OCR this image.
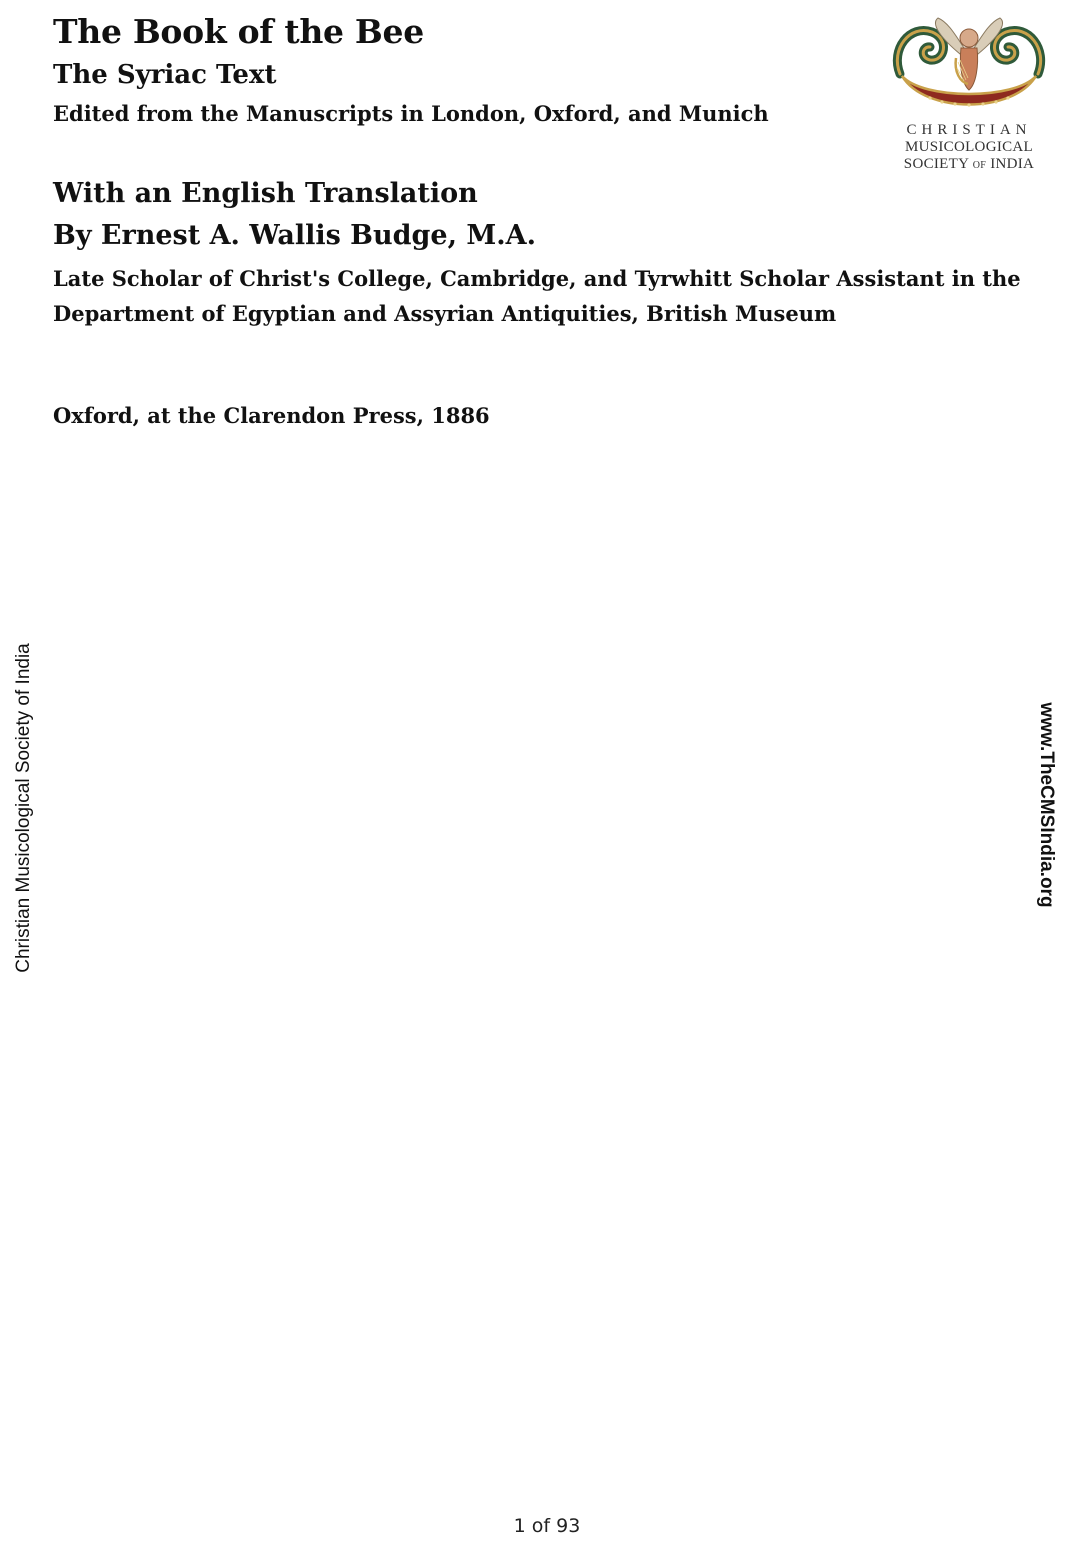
The Book of the Bee
The Syriac Text
Edited from the Manuscripts in London, Oxford, and Munich
With an English Translation
By Ernest A. Wallis Budge, M.A.
Late Scholar of Christ's College, Cambridge, and Tyrwhitt Scholar Assistant in the Department of Egyptian and Assyrian Antiquities, British Museum
Oxford, at the Clarendon Press, 1886
CHRISTIAN
MUSICOLOGICAL
SOCIETY OF INDIA
Christian Musicological Society of India	www.TheCMSIndia.org
1 of 93
